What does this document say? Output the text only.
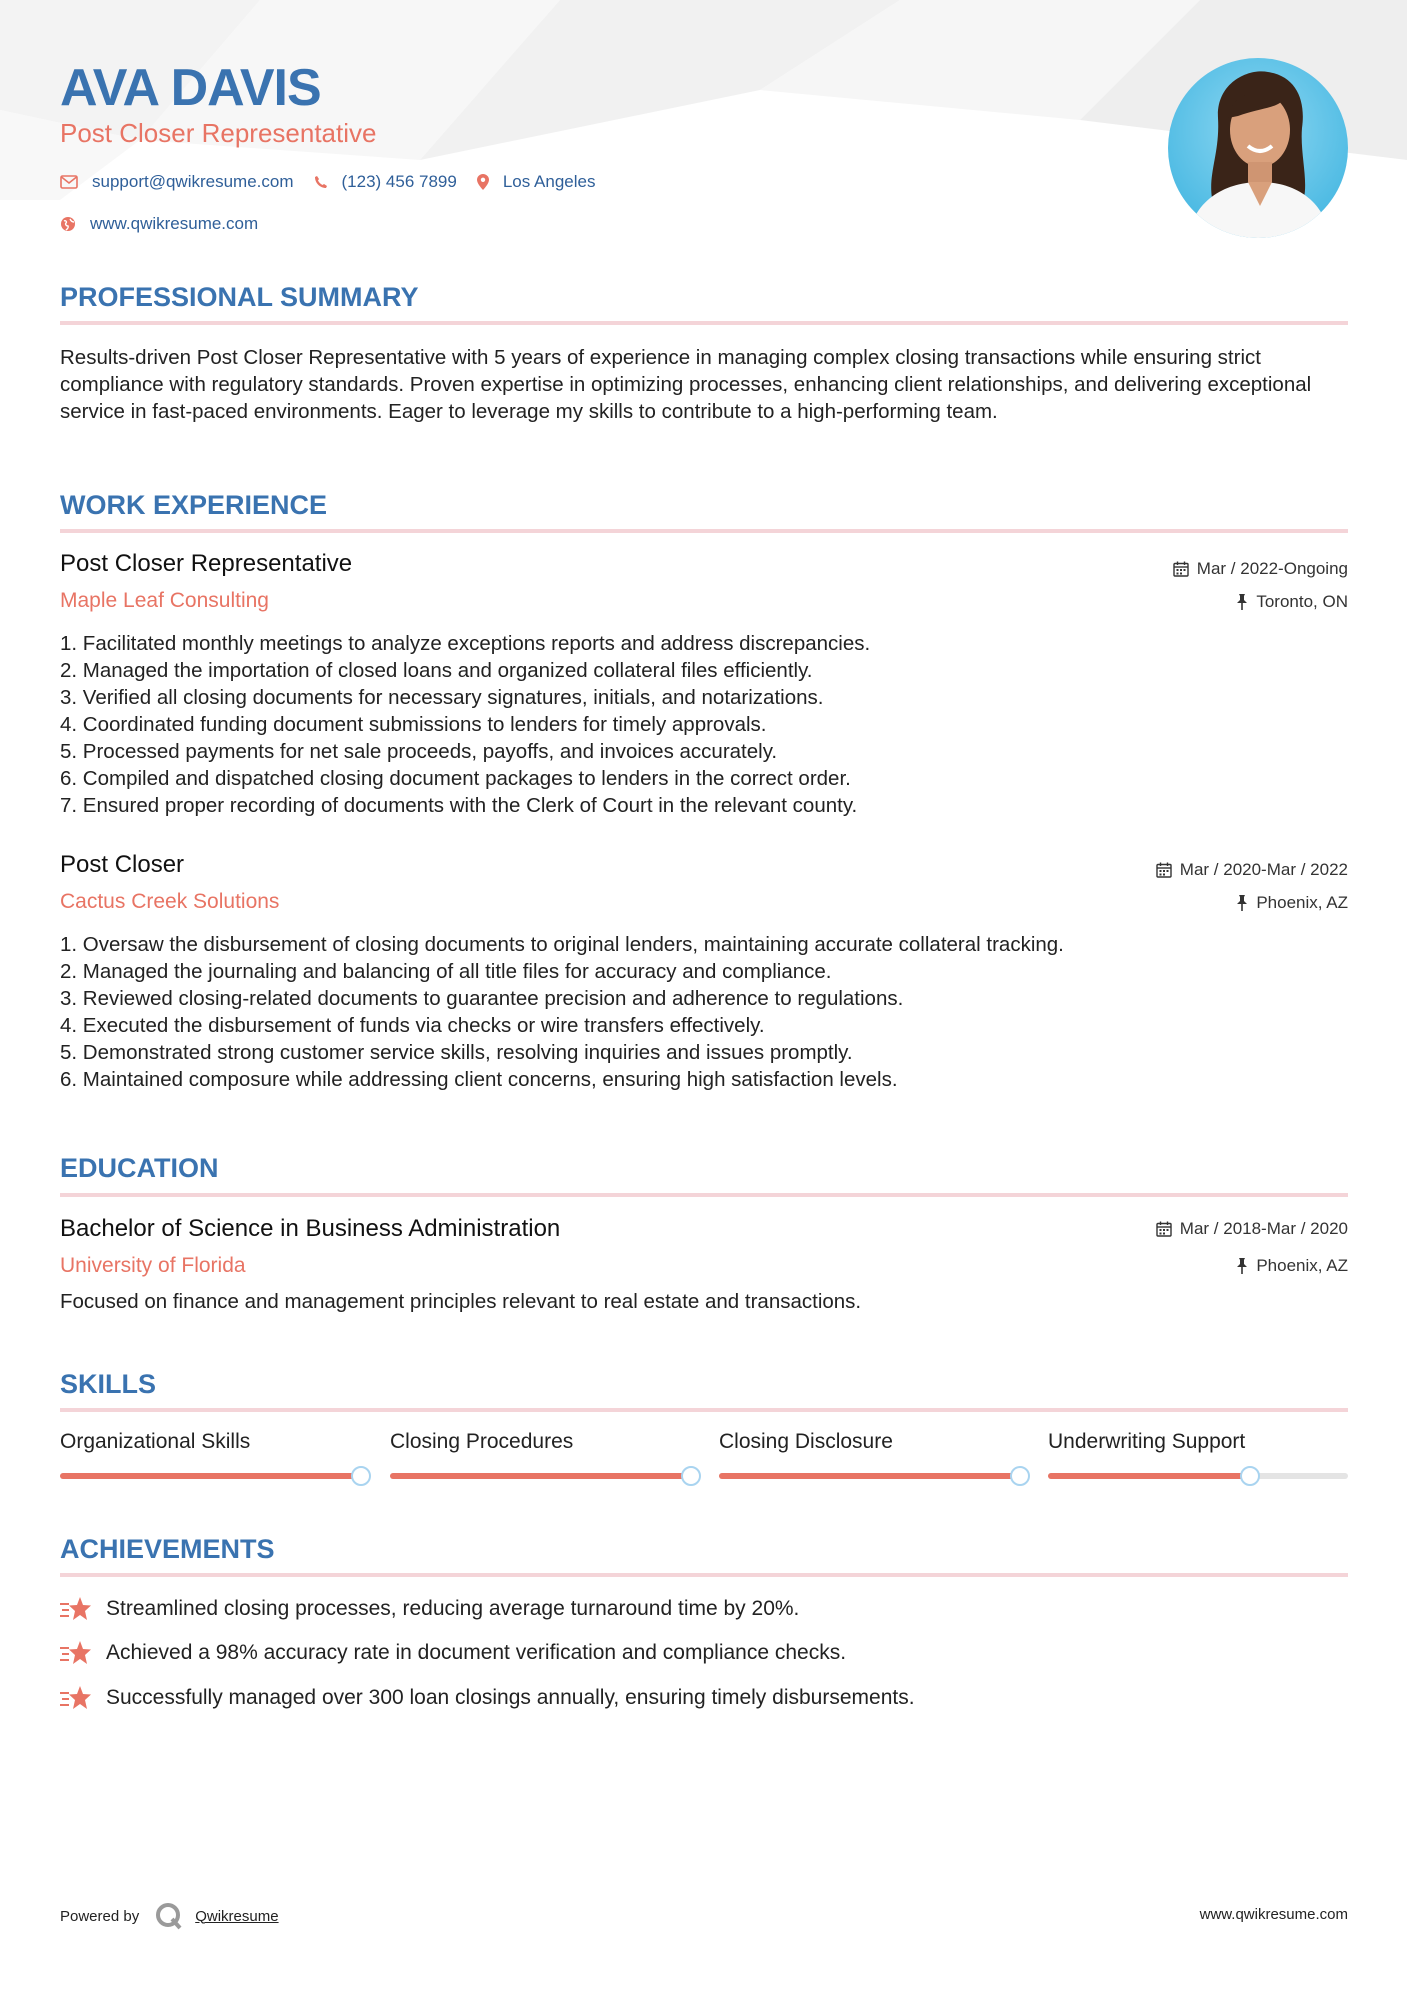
AVA DAVIS
Post Closer Representative
support@qwikresume.com	(123) 456 7899	Los Angeles
www.qwikresume.com
PROFESSIONAL SUMMARY

Results-driven Post Closer Representative with 5 years of experience in managing complex closing transactions while ensuring strict compliance with regulatory standards. Proven expertise in optimizing processes, enhancing client relationships, and delivering exceptional service in fast-paced environments. Eager to leverage my skills to contribute to a high-performing team.

WORK EXPERIENCE
Post Closer Representative
Maple Leaf Consulting
Mar / 2022-Ongoing
Toronto, ON
1. Facilitated monthly meetings to analyze exceptions reports and address discrepancies.
2. Managed the importation of closed loans and organized collateral files efficiently.
3. Verified all closing documents for necessary signatures, initials, and notarizations.
4. Coordinated funding document submissions to lenders for timely approvals.
5. Processed payments for net sale proceeds, payoffs, and invoices accurately.
6. Compiled and dispatched closing document packages to lenders in the correct order.
7. Ensured proper recording of documents with the Clerk of Court in the relevant county.
Post Closer
Cactus Creek Solutions
Mar / 2020-Mar / 2022
Phoenix, AZ
1. Oversaw the disbursement of closing documents to original lenders, maintaining accurate collateral tracking.
2. Managed the journaling and balancing of all title files for accuracy and compliance.
3. Reviewed closing-related documents to guarantee precision and adherence to regulations.
4. Executed the disbursement of funds via checks or wire transfers effectively.
5. Demonstrated strong customer service skills, resolving inquiries and issues promptly.
6. Maintained composure while addressing client concerns, ensuring high satisfaction levels.
EDUCATION
Bachelor of Science in Business Administration
University of Florida
Mar / 2018-Mar / 2020
Phoenix, AZ

Focused on finance and management principles relevant to real estate and transactions.

SKILLS
Organizational Skills	Closing Procedures	Closing Disclosure	Underwriting Support
ACHIEVEMENTS
Streamlined closing processes, reducing average turnaround time by 20%.
Achieved a 98% accuracy rate in document verification and compliance checks.
Successfully managed over 300 loan closings annually, ensuring timely disbursements.
Powered by	Qwikresume	www.qwikresume.com
